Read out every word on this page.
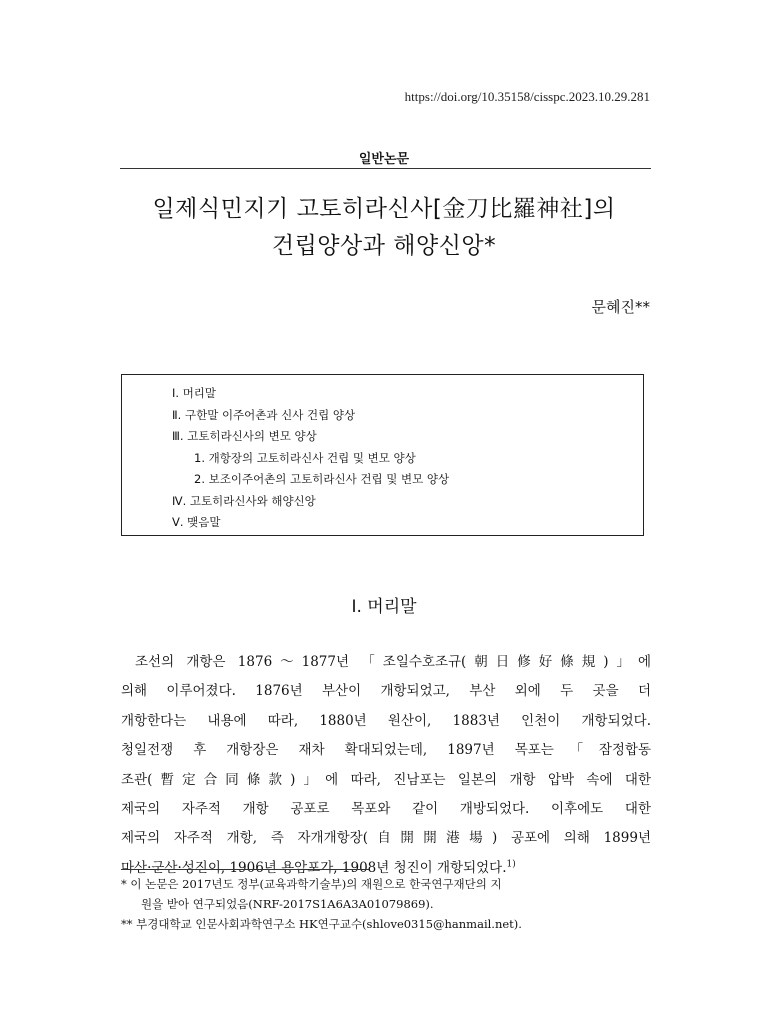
https://doi.org/10.35158/cisspc.2023.10.29.281
일반논문
일제식민지기 고토히라신사[金刀比羅神社]의
건립양상과 해양신앙*
문혜진**
Ⅰ. 머리말
Ⅱ. 구한말 이주어촌과 신사 건립 양상
Ⅲ. 고토히라신사의 변모 양상
1. 개항장의 고토히라신사 건립 및 변모 양상
2. 보조이주어촌의 고토히라신사 건립 및 변모 양상
Ⅳ. 고토히라신사와 해양신앙
Ⅴ. 맺음말
Ⅰ. 머리말
조선의 개항은 1876～1877년 「조일수호조규(朝日修好條規)」에
의해 이루어졌다. 1876년 부산이 개항되었고, 부산 외에 두 곳을 더
개항한다는 내용에 따라, 1880년 원산이, 1883년 인천이 개항되었다.
청일전쟁 후 개항장은 재차 확대되었는데, 1897년 목포는「잠정합동
조관(暫定合同條款)」에 따라, 진남포는 일본의 개항 압박 속에 대한
제국의 자주적 개항 공포로 목포와 같이 개방되었다. 이후에도 대한
제국의 자주적 개항, 즉 자개개항장(自開開港場) 공포에 의해 1899년
마산·군산·성진이, 1906년 용암포가, 1908년 청진이 개항되었다.$^{1)}$
* 이 논문은 2017년도 정부(교육과학기술부)의 재원으로 한국연구재단의 지
원을 받아 연구되었음(NRF-2017S1A6A3A01079869).
** 부경대학교 인문사회과학연구소 HK연구교수(shlove0315@hanmail.net).
